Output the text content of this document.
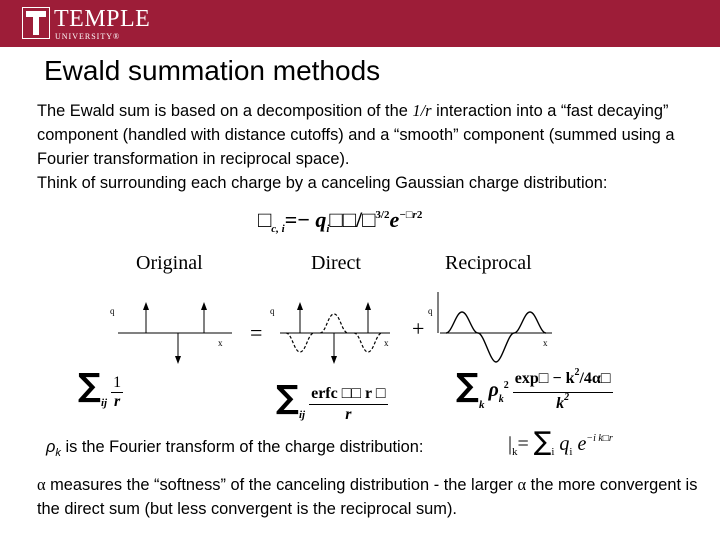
TEMPLE
UNIVERSITY®
Ewald summation methods

The Ewald sum is based on a decomposition of the 1/r interaction into a “fast decaying” component (handled with distance cutoffs) and a “smooth” component (summed using a Fourier transformation in reciprocal space).

Think of surrounding each charge by a canceling Gaussian charge distribution:

$□_{c, i}=-$ $q_i□□/□^{3/2}e^{-□r2}$
Original	Direct	Reciprocal
q
x
q
x
q
x
=	+
$\sum_{ij} \frac{1}{r}$	$\sum_{ij}$
erfc □□ r □
r
$\sum_k$ $\rho_k^2 \frac{\exp□ - k^2/4\alpha□}{k^2}$
$\rho_k$ is the Fourier transform of the charge distribution:	$|_k= \sum_i$ $q_i$ $e^{-i k□r}$
α measures the “softness” of the canceling distribution - the larger α the more convergent is the direct sum (but less convergent is the reciprocal sum).
